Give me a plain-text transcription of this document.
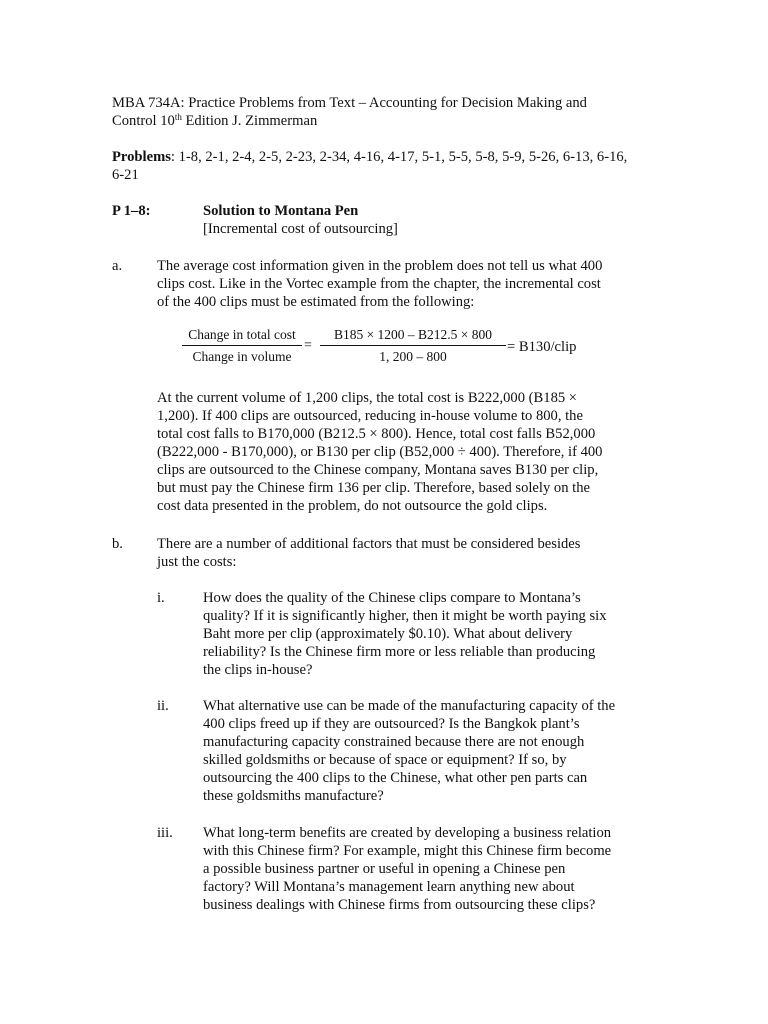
MBA 734A: Practice Problems from Text – Accounting for Decision Making and
Control 10th Edition J. Zimmerman
Problems: 1-8, 2-1, 2-4, 2-5, 2-23, 2-34, 4-16, 4-17, 5-1, 5-5, 5-8, 5-9, 5-26, 6-13, 6-16,
6-21
P 1–8:	Solution to Montana Pen
[Incremental cost of outsourcing]
a. The average cost information given in the problem does not tell us what 400
clips cost. Like in the Vortec example from the chapter, the incremental cost
of the 400 clips must be estimated from the following:
Change in total cost
Change in volume
=
B185 × 1200 – B212.5 × 800
1, 200 – 800
= B130/clip
At the current volume of 1,200 clips, the total cost is B222,000 (B185 ×
1,200). If 400 clips are outsourced, reducing in-house volume to 800, the
total cost falls to B170,000 (B212.5 × 800). Hence, total cost falls B52,000
(B222,000 - B170,000), or B130 per clip (B52,000 ÷ 400). Therefore, if 400
clips are outsourced to the Chinese company, Montana saves B130 per clip,
but must pay the Chinese firm 136 per clip. Therefore, based solely on the
cost data presented in the problem, do not outsource the gold clips.
b. There are a number of additional factors that must be considered besides
just the costs:
i.	How does the quality of the Chinese clips compare to Montana’s
quality? If it is significantly higher, then it might be worth paying six
Baht more per clip (approximately $0.10). What about delivery
reliability? Is the Chinese firm more or less reliable than producing
the clips in-house?
ii. What alternative use can be made of the manufacturing capacity of the
400 clips freed up if they are outsourced? Is the Bangkok plant’s
manufacturing capacity constrained because there are not enough
skilled goldsmiths or because of space or equipment? If so, by
outsourcing the 400 clips to the Chinese, what other pen parts can
these goldsmiths manufacture?
iii. What long-term benefits are created by developing a business relation
with this Chinese firm? For example, might this Chinese firm become
a possible business partner or useful in opening a Chinese pen
factory? Will Montana’s management learn anything new about
business dealings with Chinese firms from outsourcing these clips?
